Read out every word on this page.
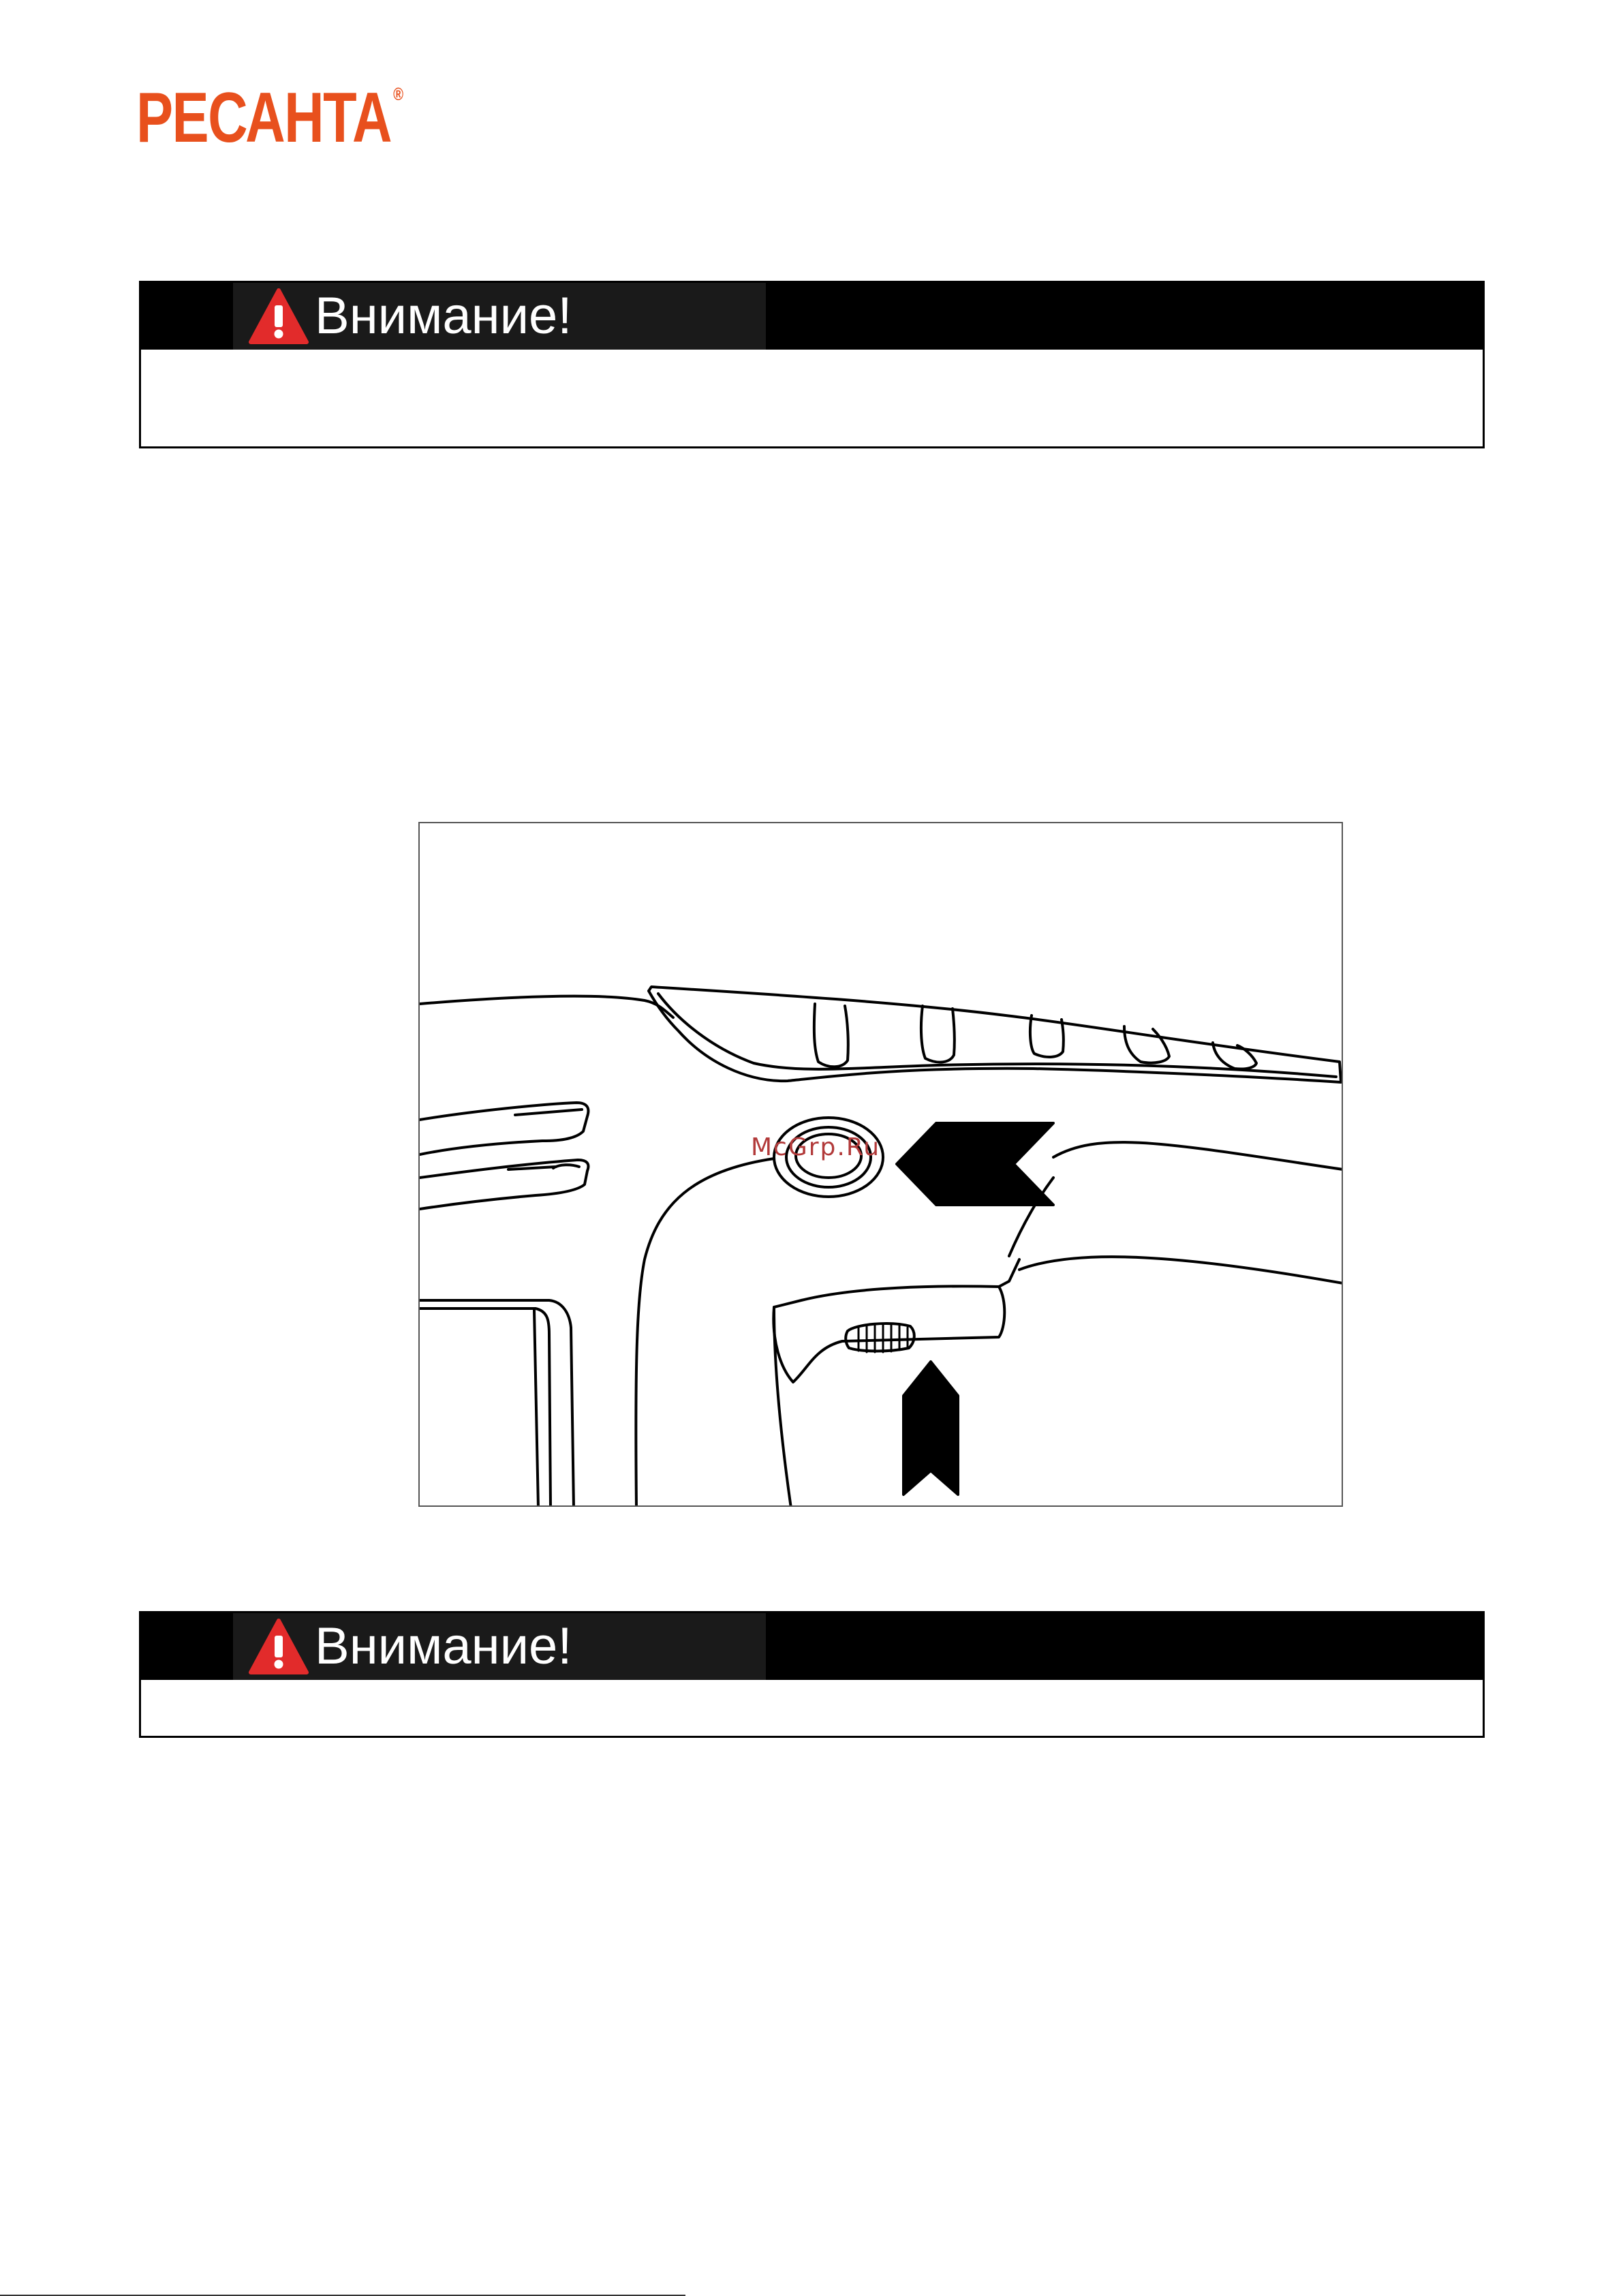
РЕСАНТА ®
Внимание!
McGrp.Ru
Внимание!
